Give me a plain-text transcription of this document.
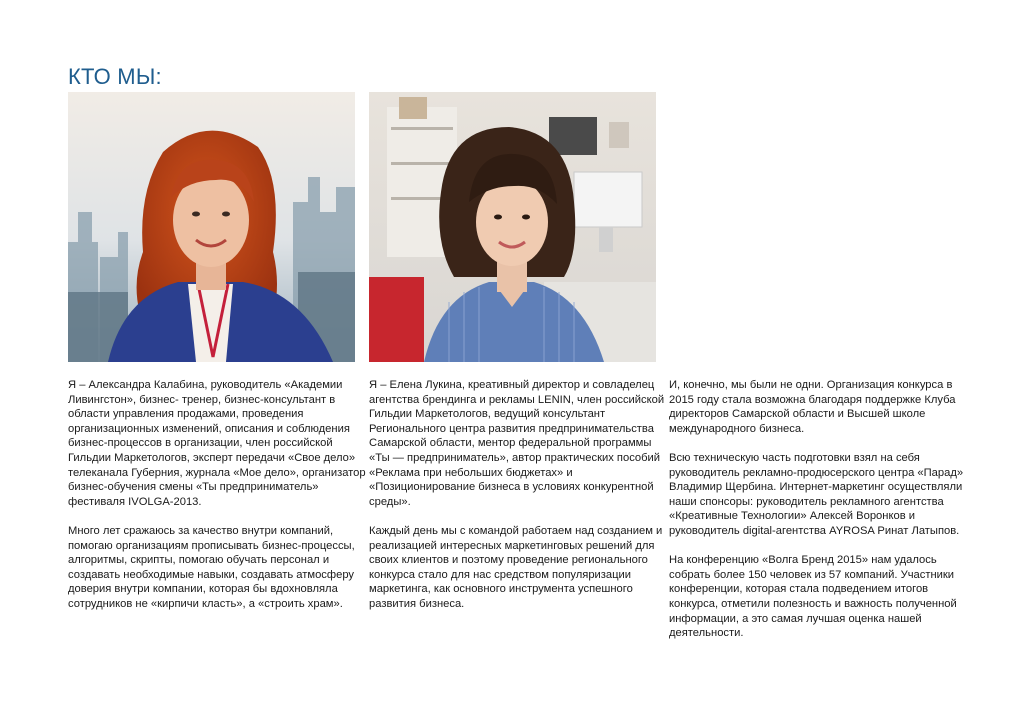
КТО МЫ:

Я – Александра Калабина, руководитель «Академии Ливингстон», бизнес- тренер, бизнес-консультант в области управления продажами, проведения организационных изменений, описания и соблюдения бизнес-процессов в организации, член российской Гильдии Маркетологов, эксперт передачи «Свое дело» телеканала Губерния, журнала «Мое дело», организатор бизнес-обучения смены «Ты предприниматель» фестиваля IVOLGA-2013.

Много лет сражаюсь за качество внутри компаний, помогаю организациям прописывать бизнес-процессы, алгоритмы, скрипты, помогаю обучать персонал и создавать необходимые навыки, создавать атмосферу доверия внутри компании, которая бы вдохновляла сотрудников не «кирпичи класть», а «строить храм».

Я – Елена Лукина, креативный директор и совладелец агентства брендинга и рекламы LENIN, член российской Гильдии Маркетологов, ведущий консультант Регионального центра развития предпринимательства Самарской области, ментор федеральной программы «Ты — предприниматель», автор практических пособий «Реклама при небольших бюджетах» и «Позиционирование бизнеса в условиях конкурентной среды».

Каждый день мы с командой работаем над созданием и реализацией интересных маркетинговых решений для своих клиентов и поэтому проведение регионального конкурса стало для нас средством популяризации маркетинга, как основного инструмента успешного развития бизнеса.

И, конечно, мы были не одни. Организация конкурса в 2015 году стала возможна благодаря поддержке Клуба директоров Самарской области и Высшей школе международного бизнеса.

Всю техническую часть подготовки взял на себя руководитель рекламно-продюсерского центра «Парад» Владимир Щербина. Интернет-маркетинг осуществляли наши спонсоры: руководитель рекламного агентства «Креативные Технологии» Алексей Воронков и руководитель digital-агентства AYROSA Ринат Латыпов.

На конференцию «Волга Бренд 2015» нам удалось собрать более 150 человек из 57 компаний. Участники конференции, которая стала подведением итогов конкурса, отметили полезность и важность полученной информации, а это самая лучшая оценка нашей деятельности.
